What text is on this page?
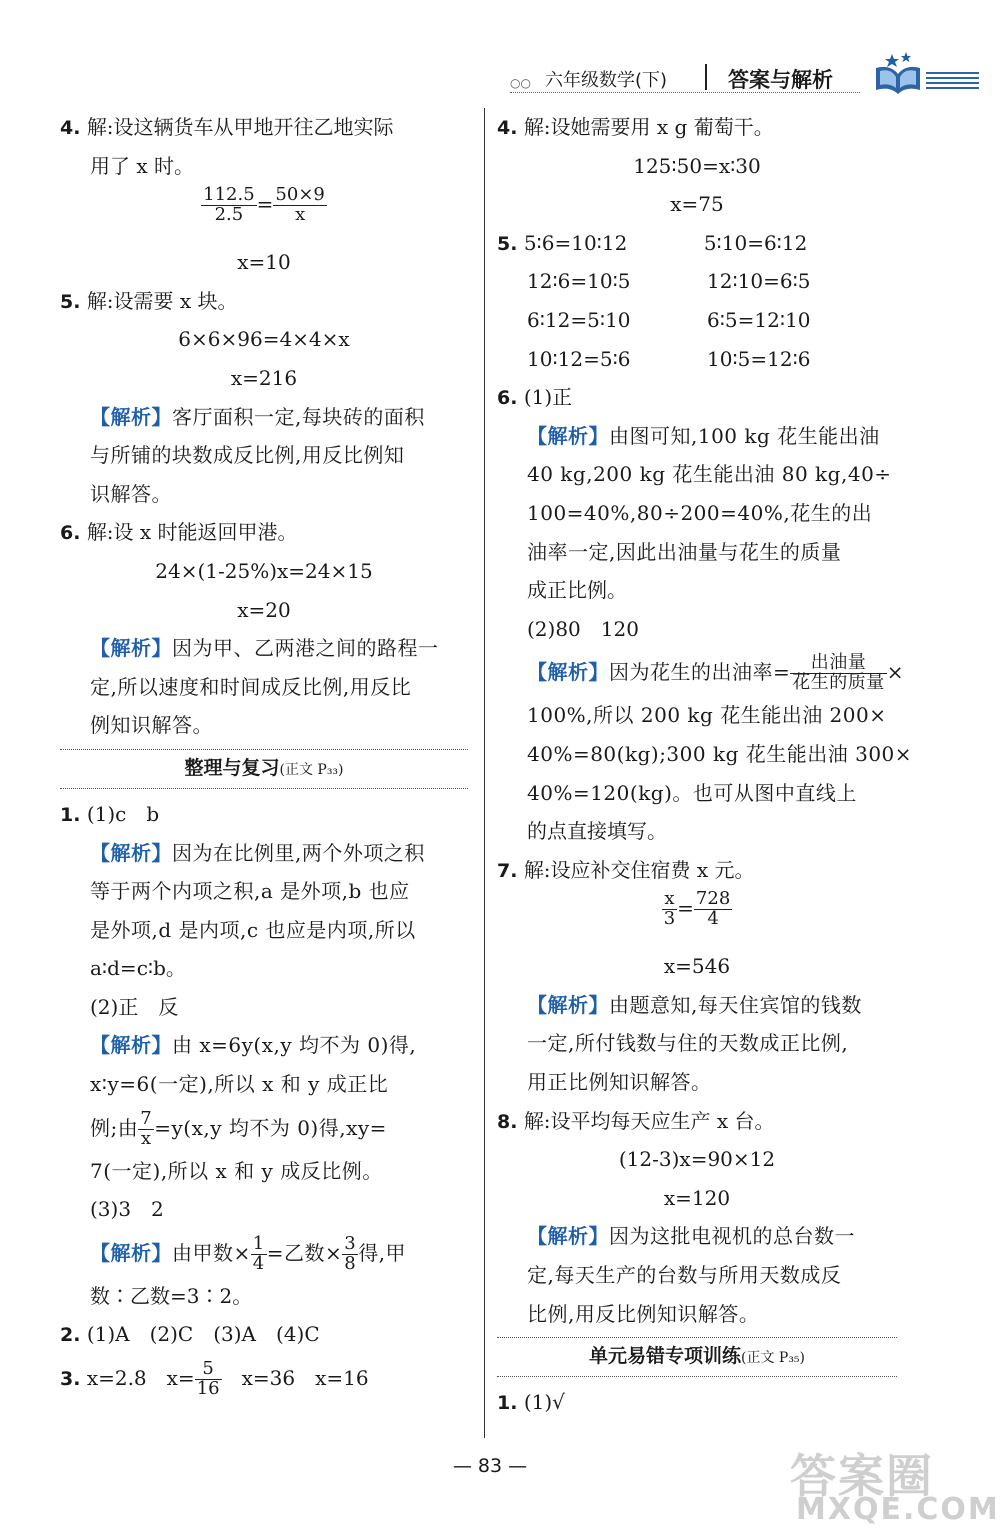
○○ 六年级数学(下)	答案与解析
4. 解:设这辆货车从甲地开往乙地实际
用了 x 时。
$\frac{112.5}{2.5} = \frac{50\times 9}{x}$
x=10
5. 解:设需要 x 块。
6×6×96=4×4×x
x=216
【解析】客厅面积一定,每块砖的面积
与所铺的块数成反比例,用反比例知
识解答。
6. 解:设 x 时能返回甲港。
24×(1-25%)x=24×15
x=20
【解析】因为甲、乙两港之间的路程一
定,所以速度和时间成反比例,用反比
例知识解答。
整理与复习(正文 P₃₃)
1. (1)c　b
【解析】因为在比例里,两个外项之积
等于两个内项之积,a 是外项,b 也应
是外项,d 是内项,c 也应是内项,所以
a∶d=c∶b。
(2)正　反
【解析】由 x=6y(x,y 均不为 0)得,
x∶y=6(一定),所以 x 和 y 成正比
例;由 $\frac{7}{x} =y(x,y$ 均不为 0)得,xy=
7(一定),所以 x 和 y 成反比例。
(3)3　2
【解析】由甲数× $\frac{1}{4}$ =乙数× $\frac{3}{8}$ 得,甲
数∶乙数=3∶2。
2. (1)A　(2)C　(3)A　(4)C
3. x=2.8　$x= \frac{5}{16}$ 　x=36　x=16
4. 解:设她需要用 x g 葡萄干。
125∶50=x∶30
x=75
5. 5∶6=10∶12	5∶10=6∶12
12∶6=10∶5	12∶10=6∶5
6∶12=5∶10	6∶5=12∶10
10∶12=5∶6	10∶5=12∶6
6. (1)正
【解析】由图可知,100 kg 花生能出油
40 kg,200 kg 花生能出油 80 kg,40÷
100=40%,80÷200=40%,花生的出
油率一定,因此出油量与花生的质量
成正比例。
(2)80　120
【解析】因为花生的出油率= $\frac{\text{出油量}}{\text{花生的质量}}$ ×
100%,所以 200 kg 花生能出油 200×
40%=80(kg);300 kg 花生能出油 300×
40%=120(kg)。也可从图中直线上
的点直接填写。
7. 解:设应补交住宿费 x 元。
$\frac{x}{3} = \frac{728}{4}$
x=546
【解析】由题意知,每天住宾馆的钱数
一定,所付钱数与住的天数成正比例,
用正比例知识解答。
8. 解:设平均每天应生产 x 台。
(12-3)x=90×12
x=120
【解析】因为这批电视机的总台数一
定,每天生产的台数与所用天数成反
比例,用反比例知识解答。
单元易错专项训练(正文 P₃₅)
1. (1)√
— 83 —	答案圈
MXQE.COM
